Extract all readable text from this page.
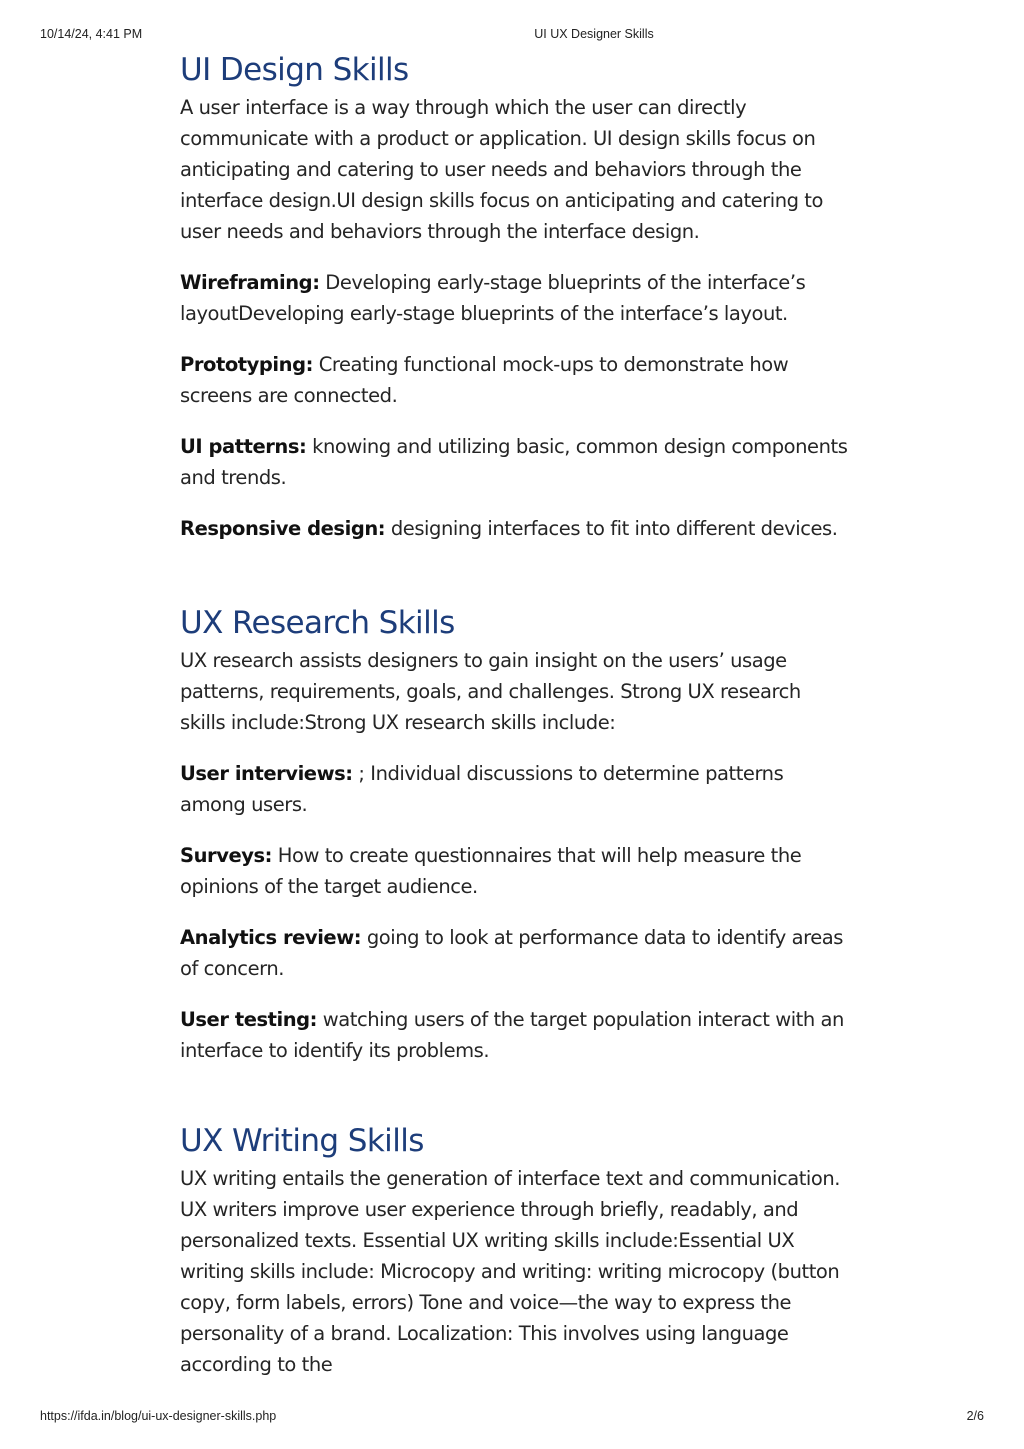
10/14/24, 4:41 PM	UI UX Designer Skills
UI Design Skills

A user interface is a way through which the user can directly communicate with a product or application. UI design skills focus on anticipating and catering to user needs and behaviors through the interface design.UI design skills focus on anticipating and catering to user needs and behaviors through the interface design.

Wireframing: Developing early-stage blueprints of the interface’s layoutDeveloping early-stage blueprints of the interface’s layout.

Prototyping: Creating functional mock-ups to demonstrate how screens are connected.

UI patterns: knowing and utilizing basic, common design components and trends.

Responsive design: designing interfaces to fit into different devices.

UX Research Skills

UX research assists designers to gain insight on the users’ usage patterns, requirements, goals, and challenges. Strong UX research skills include:Strong UX research skills include:

User interviews: ; Individual discussions to determine patterns among users.

Surveys: How to create questionnaires that will help measure the opinions of the target audience.

Analytics review: going to look at performance data to identify areas of concern.

User testing: watching users of the target population interact with an interface to identify its problems.

UX Writing Skills

UX writing entails the generation of interface text and communication. UX writers improve user experience through briefly, readably, and personalized texts. Essential UX writing skills include:Essential UX writing skills include: Microcopy and writing: writing microcopy (button copy, form labels, errors) Tone and voice—the way to express the personality of a brand. Localization: This involves using language according to the

https://ifda.in/blog/ui-ux-designer-skills.php	2/6
